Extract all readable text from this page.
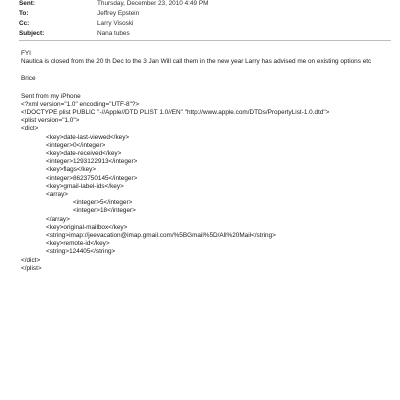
Sent:	Thursday, December 23, 2010 4:49 PM
To:	Jeffrey Epstein
Cc:	Larry Visoski
Subject:	Nana tubes

FYI

Nautica is closed from the 20 th Dec to the 3 Jan Will call them in the new year Larry has advised me on existing options etc

Brice

Sent from my iPhone

<?xml version="1.0" encoding="UTF-8"?>
<!DOCTYPE plist PUBLIC "-//Apple//DTD PLIST 1.0//EN" "http://www.apple.com/DTDs/PropertyList-1.0.dtd">
<plist version="1.0">
<dict>
<key>date-last-viewed</key>
<integer>0</integer>
<key>date-received</key>
<integer>1293122913</integer>
<key>flags</key>
<integer>8623750145</integer>
<key>gmail-label-ids</key>
<array>
<integer>5</integer>
<integer>18</integer>
</array>
<key>original-mailbox</key>
<string>imap://jeevacation@imap.gmail.com/%5BGmail%5D/All%20Mail</string>
<key>remote-id</key>
<string>124405</string>
</dict>
</plist>
